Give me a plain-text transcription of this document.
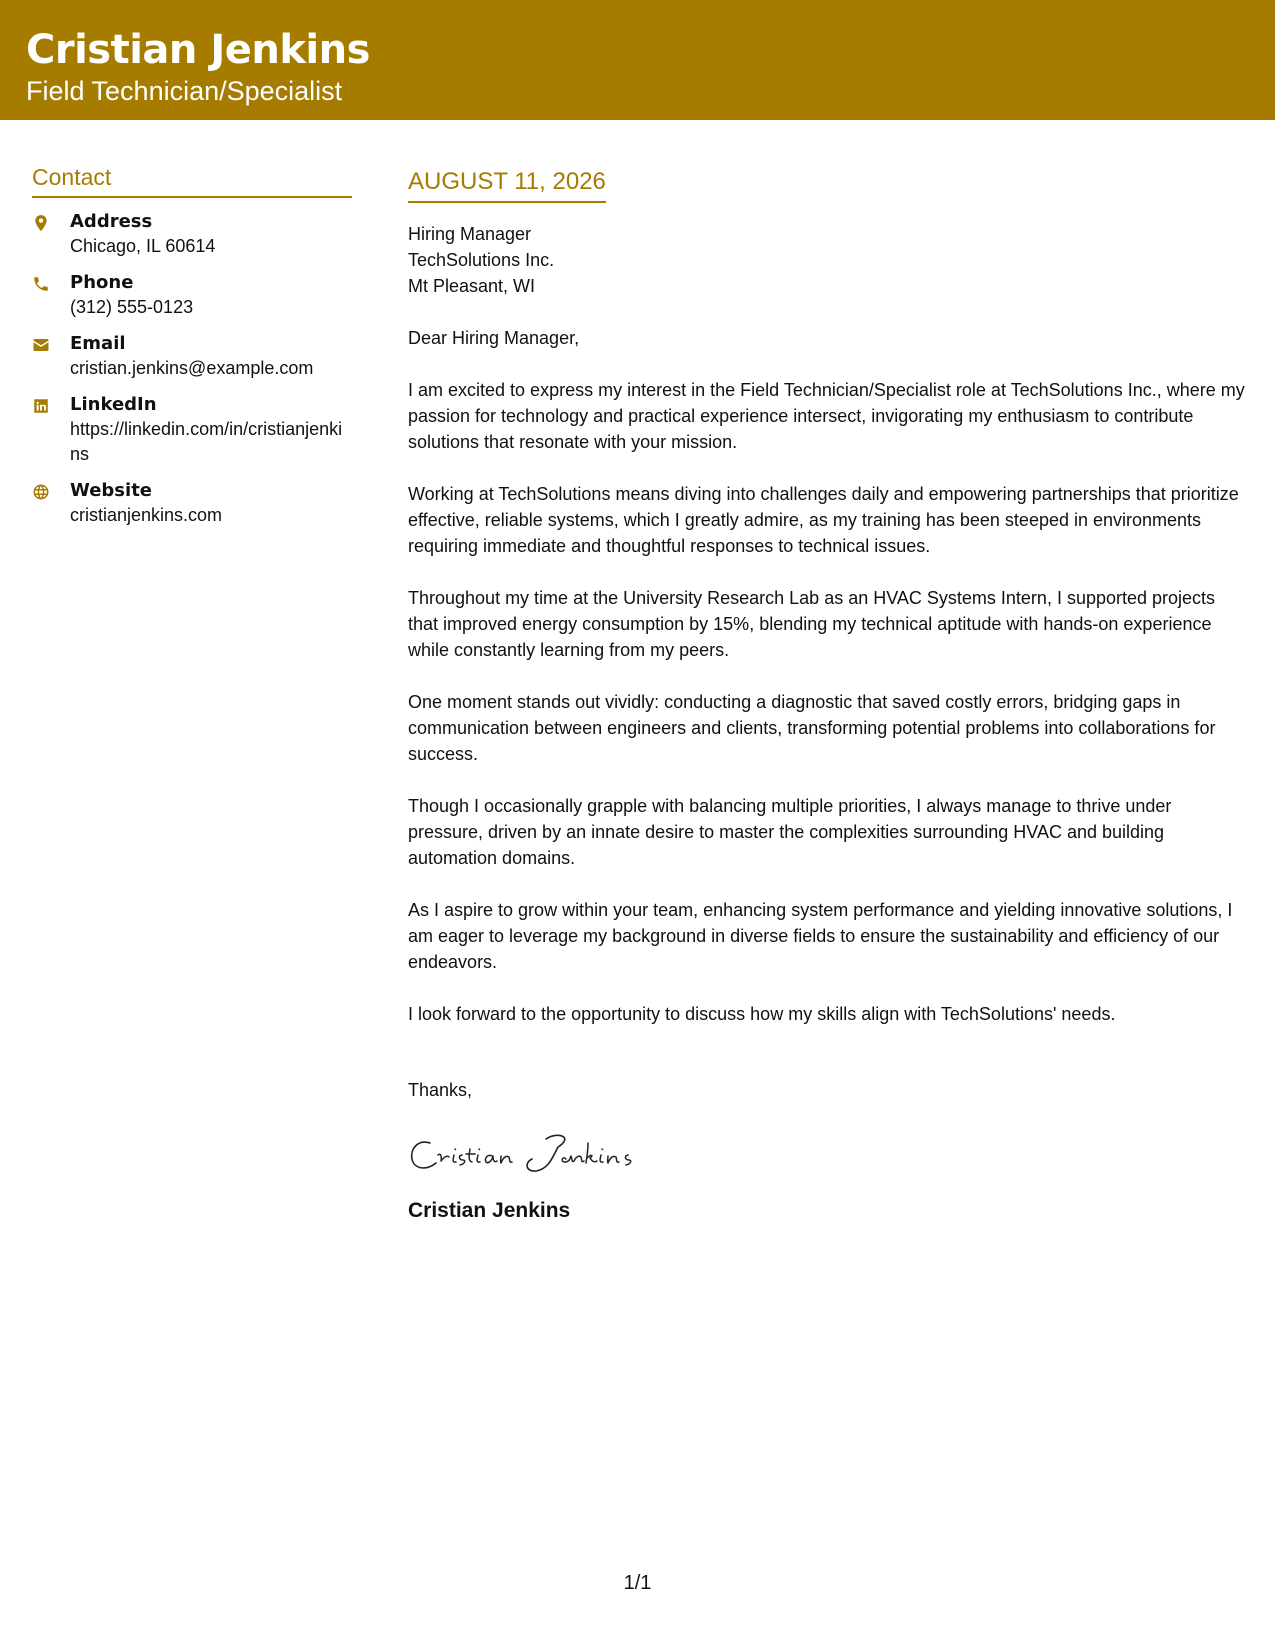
Cristian Jenkins
Field Technician/Specialist
Contact
Address
Chicago, IL 60614
Phone
(312) 555-0123
Email
cristian.jenkins@example.com
LinkedIn
https://linkedin.com/in/cristianjenkins
Website
cristianjenkins.com
AUGUST 11, 2026
Hiring Manager
TechSolutions Inc.
Mt Pleasant, WI
Dear Hiring Manager,

I am excited to express my interest in the Field Technician/Specialist role at TechSolutions Inc., where my passion for technology and practical experience intersect, invigorating my enthusiasm to contribute solutions that resonate with your mission.

Working at TechSolutions means diving into challenges daily and empowering partnerships that prioritize effective, reliable systems, which I greatly admire, as my training has been steeped in environments requiring immediate and thoughtful responses to technical issues.

Throughout my time at the University Research Lab as an HVAC Systems Intern, I supported projects that improved energy consumption by 15%, blending my technical aptitude with hands-on experience while constantly learning from my peers.

One moment stands out vividly: conducting a diagnostic that saved costly errors, bridging gaps in communication between engineers and clients, transforming potential problems into collaborations for success.

Though I occasionally grapple with balancing multiple priorities, I always manage to thrive under pressure, driven by an innate desire to master the complexities surrounding HVAC and building automation domains.

As I aspire to grow within your team, enhancing system performance and yielding innovative solutions, I am eager to leverage my background in diverse fields to ensure the sustainability and efficiency of our endeavors.

I look forward to the opportunity to discuss how my skills align with TechSolutions' needs.

Thanks,
Cristian Jenkins
1/1
